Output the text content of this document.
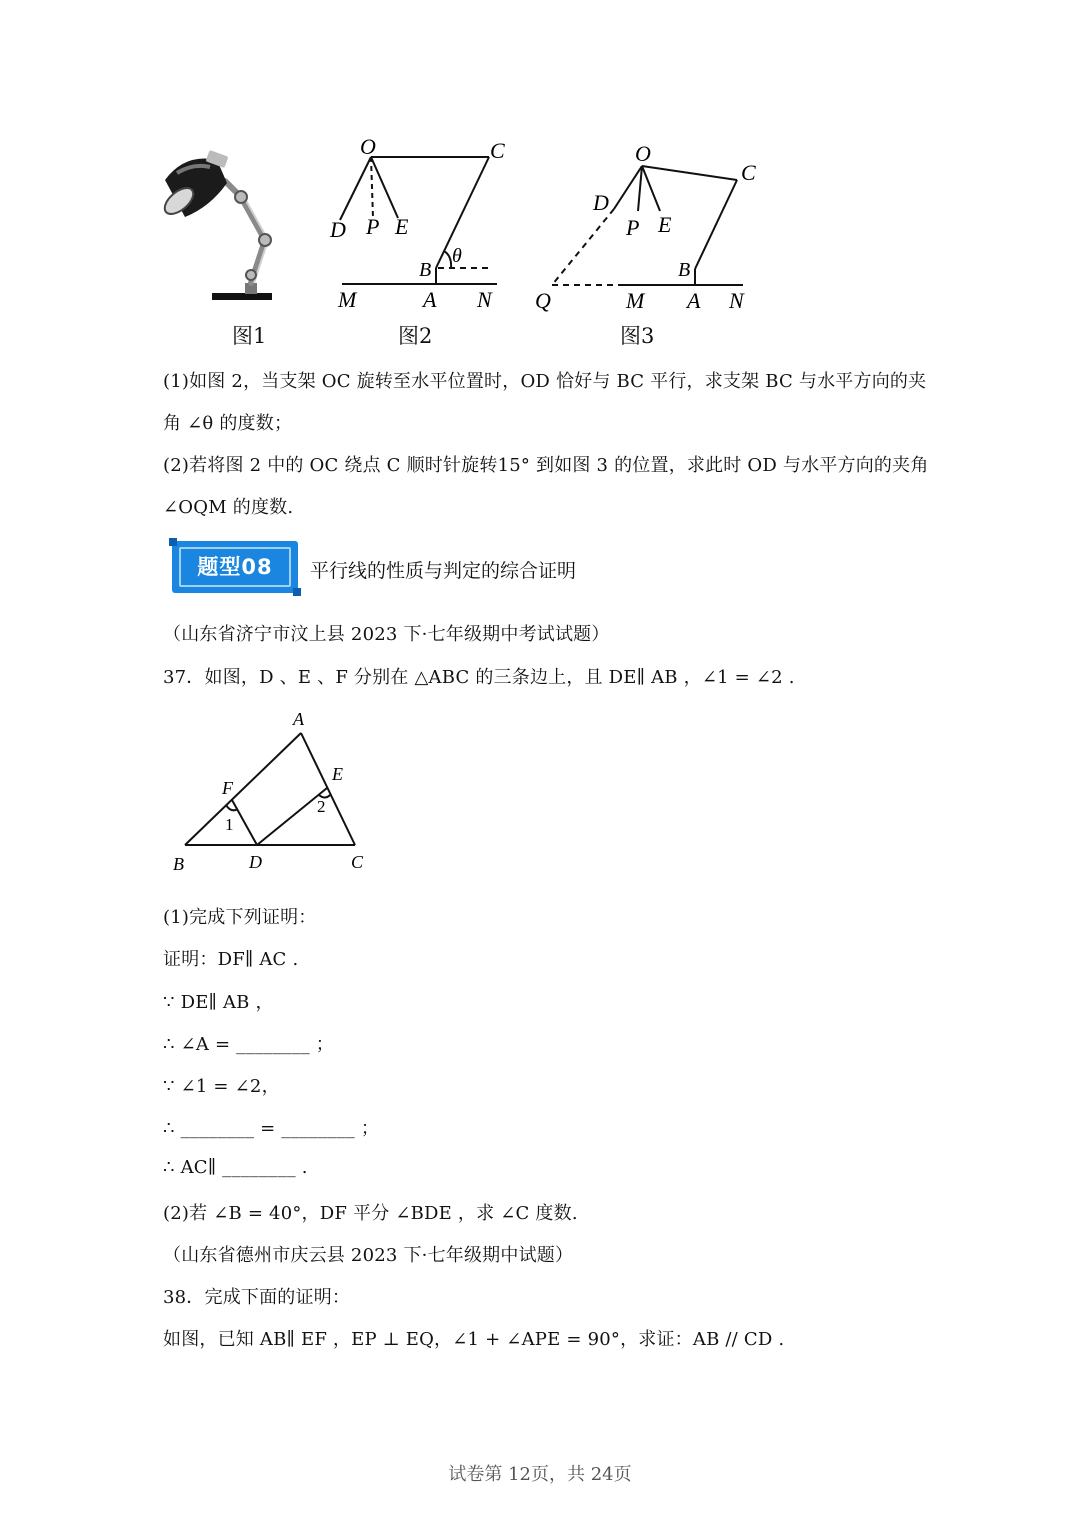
图1
O	C
D P E
B
θ
M	A N
图2
O
C
D
P E
B
Q	M A N
图3
(1)如图 2，当支架 OC 旋转至水平位置时，OD 恰好与 BC 平行，求支架 BC 与水平方向的夹
角 ∠θ 的度数；
(2)若将图 2 中的 OC 绕点 C 顺时针旋转15° 到如图 3 的位置，求此时 OD 与水平方向的夹角
∠OQM 的度数.
题型08	平行线的性质与判定的综合证明
（山东省济宁市汶上县 2023 下·七年级期中考试试题）
37．如图，D 、E 、F 分别在 △ABC 的三条边上，且 DE∥ AB ，∠1 = ∠2 .
A
B	C
D
E
F
1
2
(1)完成下列证明：
证明：DF∥ AC .
∵ DE∥ AB ，
∴ ∠A = ________ ；
∵ ∠1 = ∠2，
∴ ________ = ________ ；
∴ AC∥ ________ .
(2)若 ∠B = 40°，DF 平分 ∠BDE ，求 ∠C 度数.
（山东省德州市庆云县 2023 下·七年级期中试题）
38．完成下面的证明：
如图，已知 AB∥ EF ，EP ⊥ EQ，∠1 + ∠APE = 90°，求证：AB // CD .
试卷第 12页，共 24页
